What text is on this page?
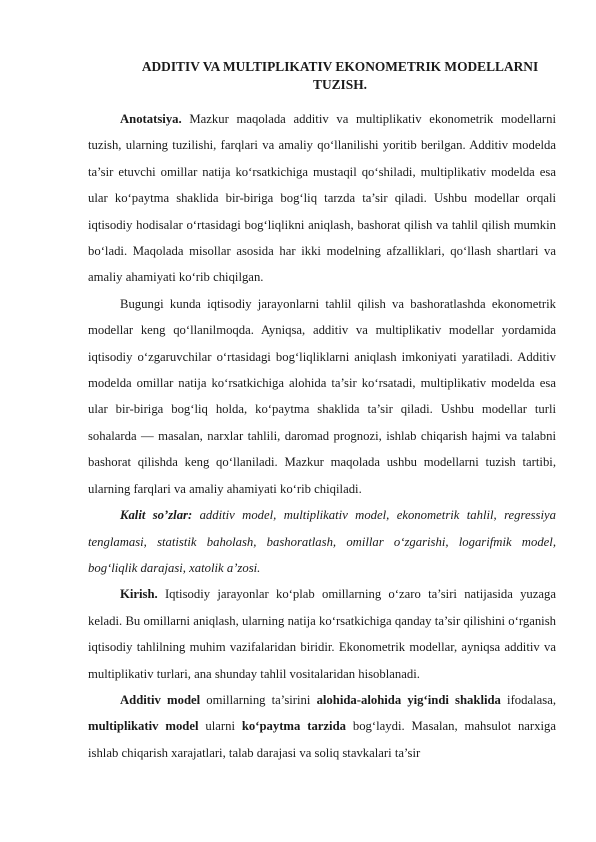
ADDITIV VA MULTIPLIKATIV EKONOMETRIK MODELLARNI
TUZISH.

Anotatsiya. Mazkur maqolada additiv va multiplikativ ekonometrik modellarni tuzish, ularning tuzilishi, farqlari va amaliy qo‘llanilishi yoritib berilgan. Additiv modelda ta’sir etuvchi omillar natija ko‘rsatkichiga mustaqil qo‘shiladi, multiplikativ modelda esa ular ko‘paytma shaklida bir-biriga bog‘liq tarzda ta’sir qiladi. Ushbu modellar orqali iqtisodiy hodisalar o‘rtasidagi bog‘liqlikni aniqlash, bashorat qilish va tahlil qilish mumkin bo‘ladi. Maqolada misollar asosida har ikki modelning afzalliklari, qo‘llash shartlari va amaliy ahamiyati ko‘rib chiqilgan.

Bugungi kunda iqtisodiy jarayonlarni tahlil qilish va bashoratlashda ekonometrik modellar keng qo‘llanilmoqda. Ayniqsa, additiv va multiplikativ modellar yordamida iqtisodiy o‘zgaruvchilar o‘rtasidagi bog‘liqliklarni aniqlash imkoniyati yaratiladi. Additiv modelda omillar natija ko‘rsatkichiga alohida ta’sir ko‘rsatadi, multiplikativ modelda esa ular bir-biriga bog‘liq holda, ko‘paytma shaklida ta’sir qiladi. Ushbu modellar turli sohalarda — masalan, narxlar tahlili, daromad prognozi, ishlab chiqarish hajmi va talabni bashorat qilishda keng qo‘llaniladi. Mazkur maqolada ushbu modellarni tuzish tartibi, ularning farqlari va amaliy ahamiyati ko‘rib chiqiladi.

Kalit so’zlar: additiv model, multiplikativ model, ekonometrik tahlil, regressiya tenglamasi, statistik baholash, bashoratlash, omillar o‘zgarishi, logarifmik model, bog‘liqlik darajasi, xatolik a’zosi.

Kirish. Iqtisodiy jarayonlar ko‘plab omillarning o‘zaro ta’siri natijasida yuzaga keladi. Bu omillarni aniqlash, ularning natija ko‘rsatkichiga qanday ta’sir qilishini o‘rganish iqtisodiy tahlilning muhim vazifalaridan biridir. Ekonometrik modellar, ayniqsa additiv va multiplikativ turlari, ana shunday tahlil vositalaridan hisoblanadi.

Additiv model omillarning ta’sirini alohida-alohida yig‘indi shaklida ifodalasa, multiplikativ model ularni ko‘paytma tarzida bog‘laydi. Masalan, mahsulot narxiga ishlab chiqarish xarajatlari, talab darajasi va soliq stavkalari ta’sir
